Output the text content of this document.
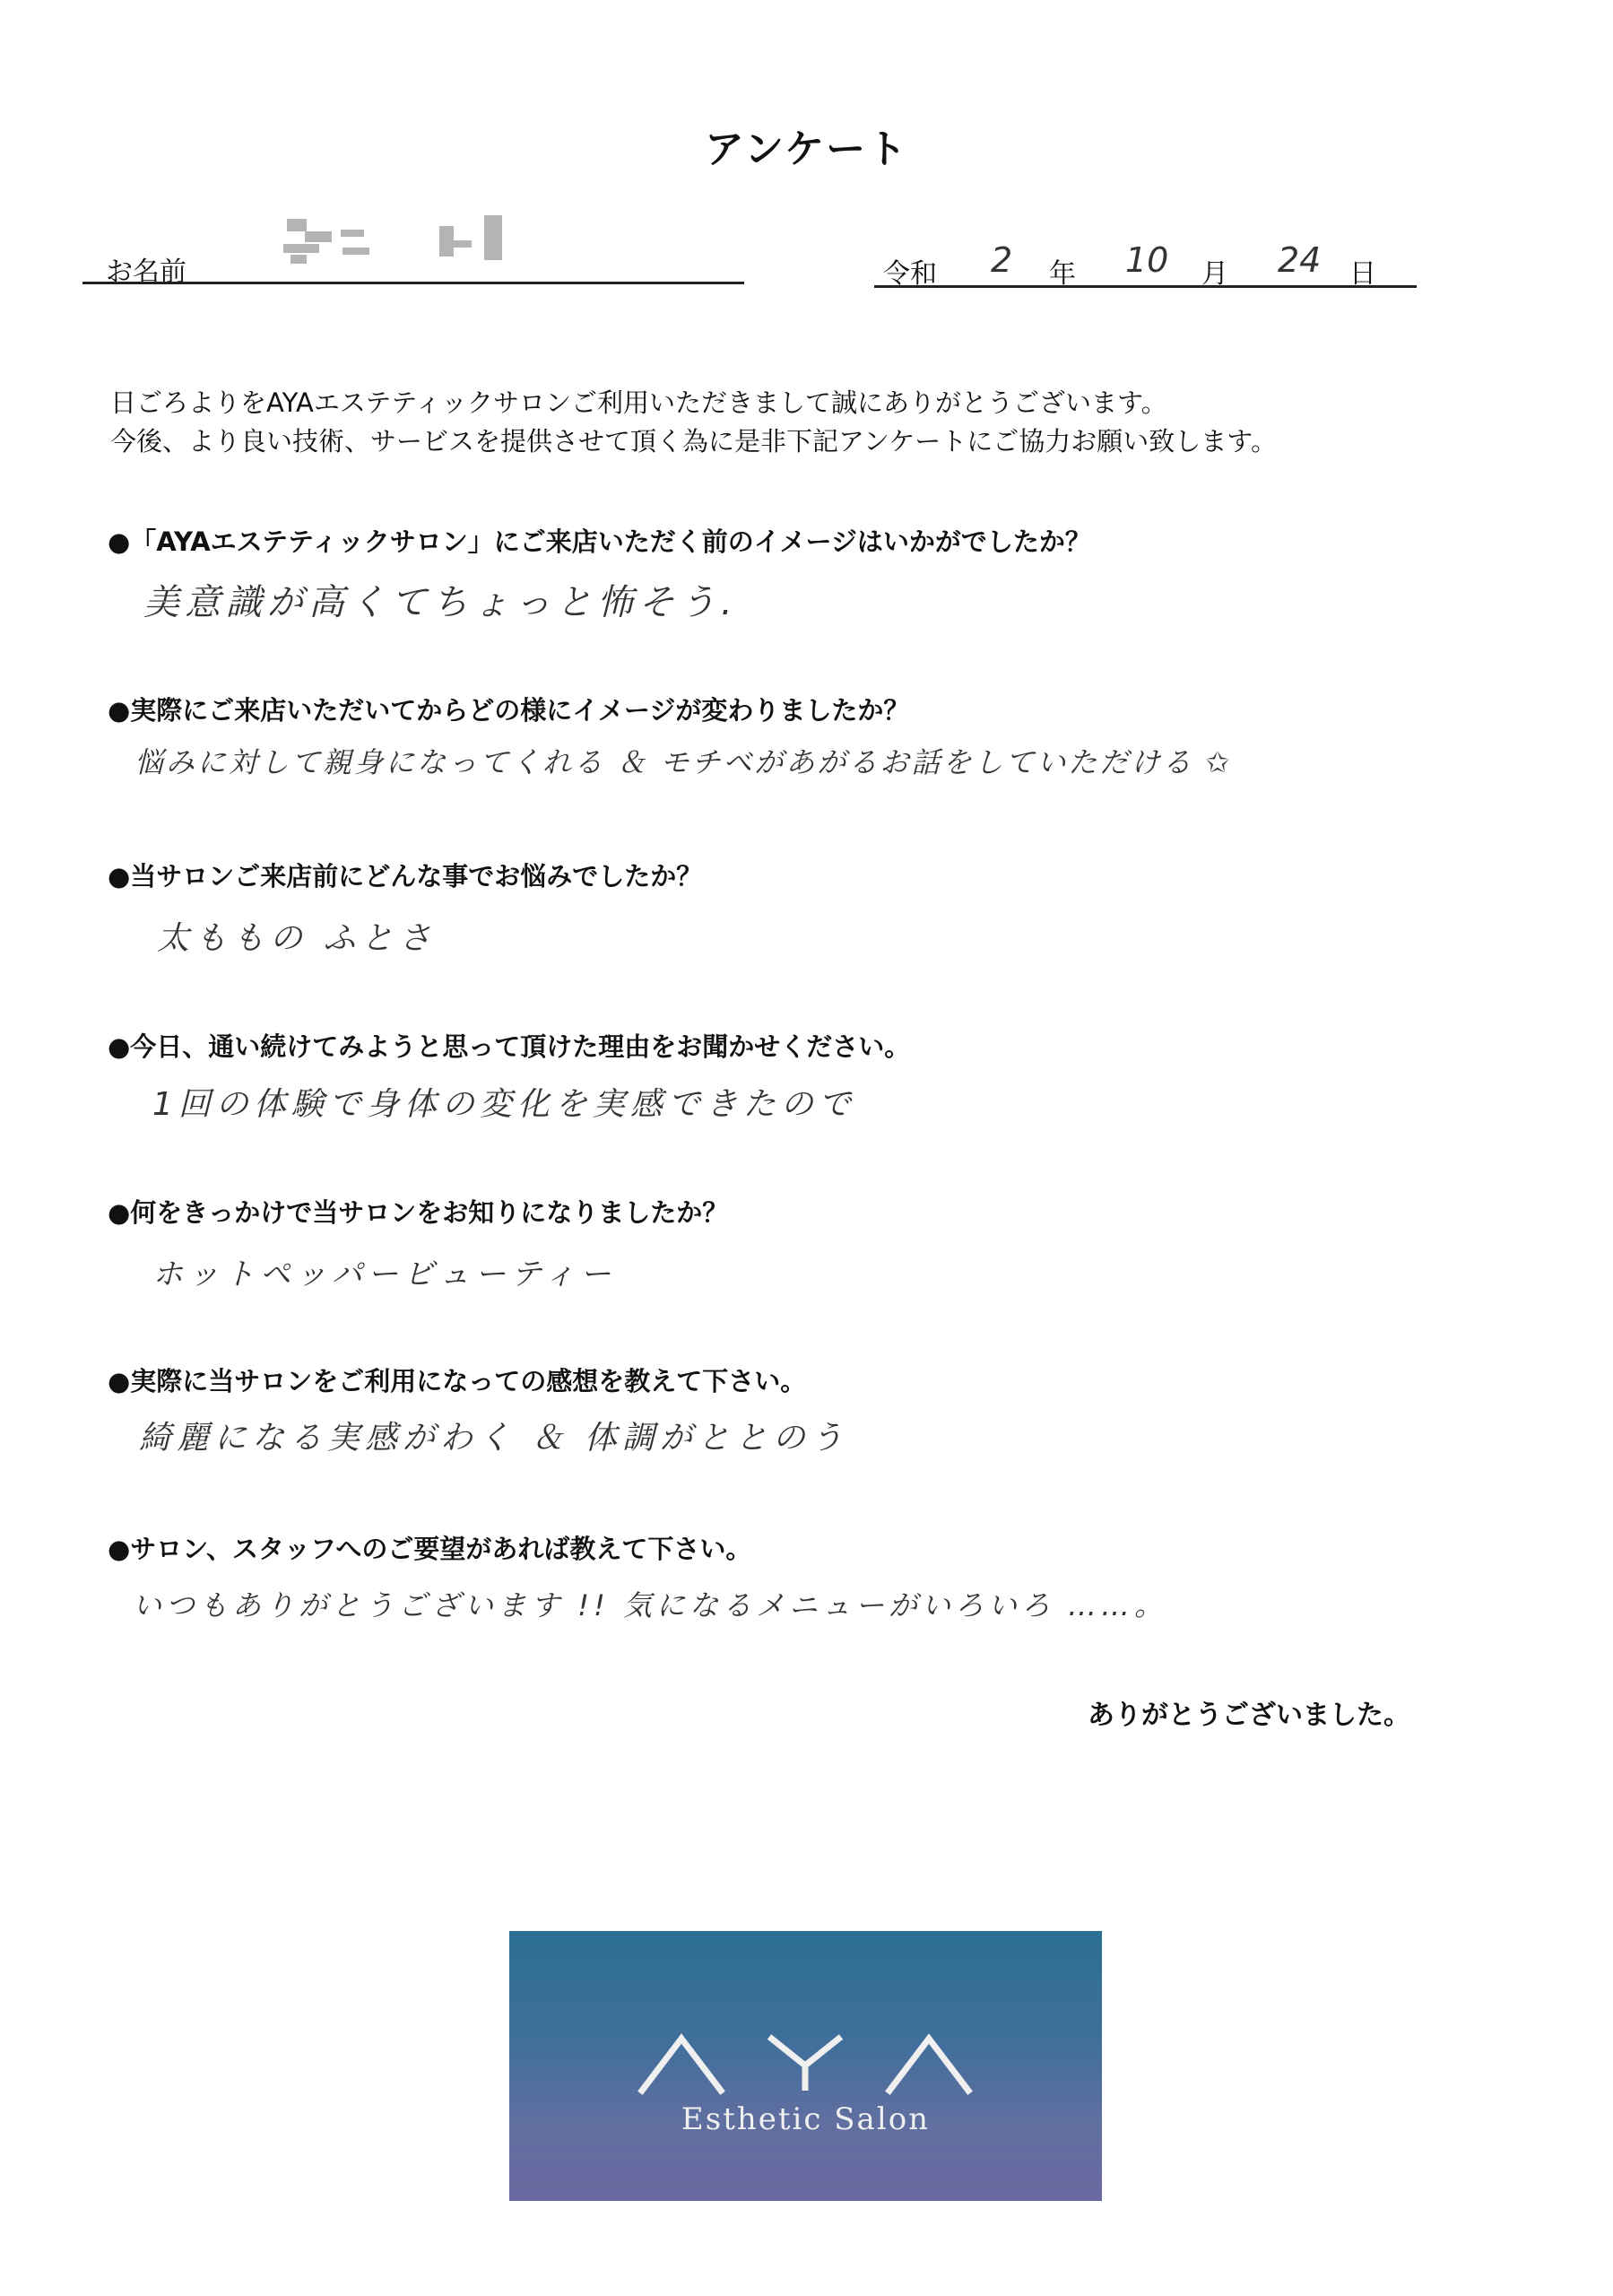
アンケート
お名前	令和 2 年 10 月 24 日
日ごろよりをAYAエステティックサロンご利用いただきまして誠にありがとうございます。
今後、より良い技術、サービスを提供させて頂く為に是非下記アンケートにご協力お願い致します。
●「AYAエステティックサロン」にご来店いただく前のイメージはいかがでしたか？
美意識が高くてちょっと怖そう.
●実際にご来店いただいてからどの様にイメージが変わりましたか？
悩みに対して親身になってくれる ＆ モチベがあがるお話をしていただける ✩
●当サロンご来店前にどんな事でお悩みでしたか？
太ももの ふとさ
●今日、通い続けてみようと思って頂けた理由をお聞かせください。
1回の体験で身体の変化を実感できたので
●何をきっかけで当サロンをお知りになりましたか？
ホットペッパービューティー
●実際に当サロンをご利用になっての感想を教えて下さい。
綺麗になる実感がわく ＆ 体調がととのう
●サロン、スタッフへのご要望があれば教えて下さい。
いつもありがとうございます !! 気になるメニューがいろいろ ……。
ありがとうございました。
Esthetic Salon
